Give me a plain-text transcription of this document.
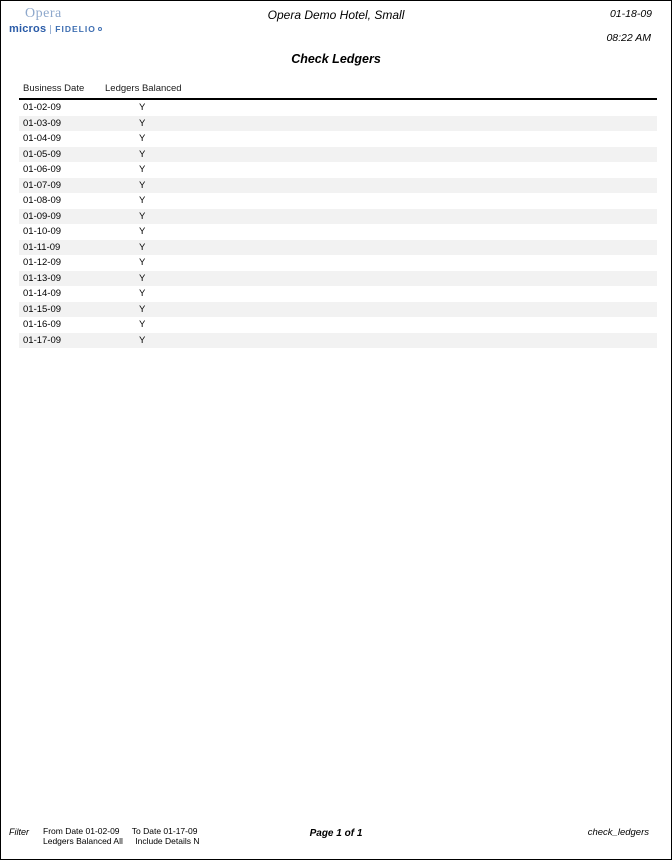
Opera
micros FIDELIO
Opera Demo Hotel, Small	01-18-09
08:22 AM
Check Ledgers
Business Date	Ledgers Balanced
01-02-09	Y
01-03-09	Y
01-04-09	Y
01-05-09	Y
01-06-09	Y
01-07-09	Y
01-08-09	Y
01-09-09	Y
01-10-09	Y
01-11-09	Y
01-12-09	Y
01-13-09	Y
01-14-09	Y
01-15-09	Y
01-16-09	Y
01-17-09	Y
Filter From Date 01-02-09 To Date 01-17-09
Ledgers Balanced All Include Details N
Page 1 of 1	check_ledgers
